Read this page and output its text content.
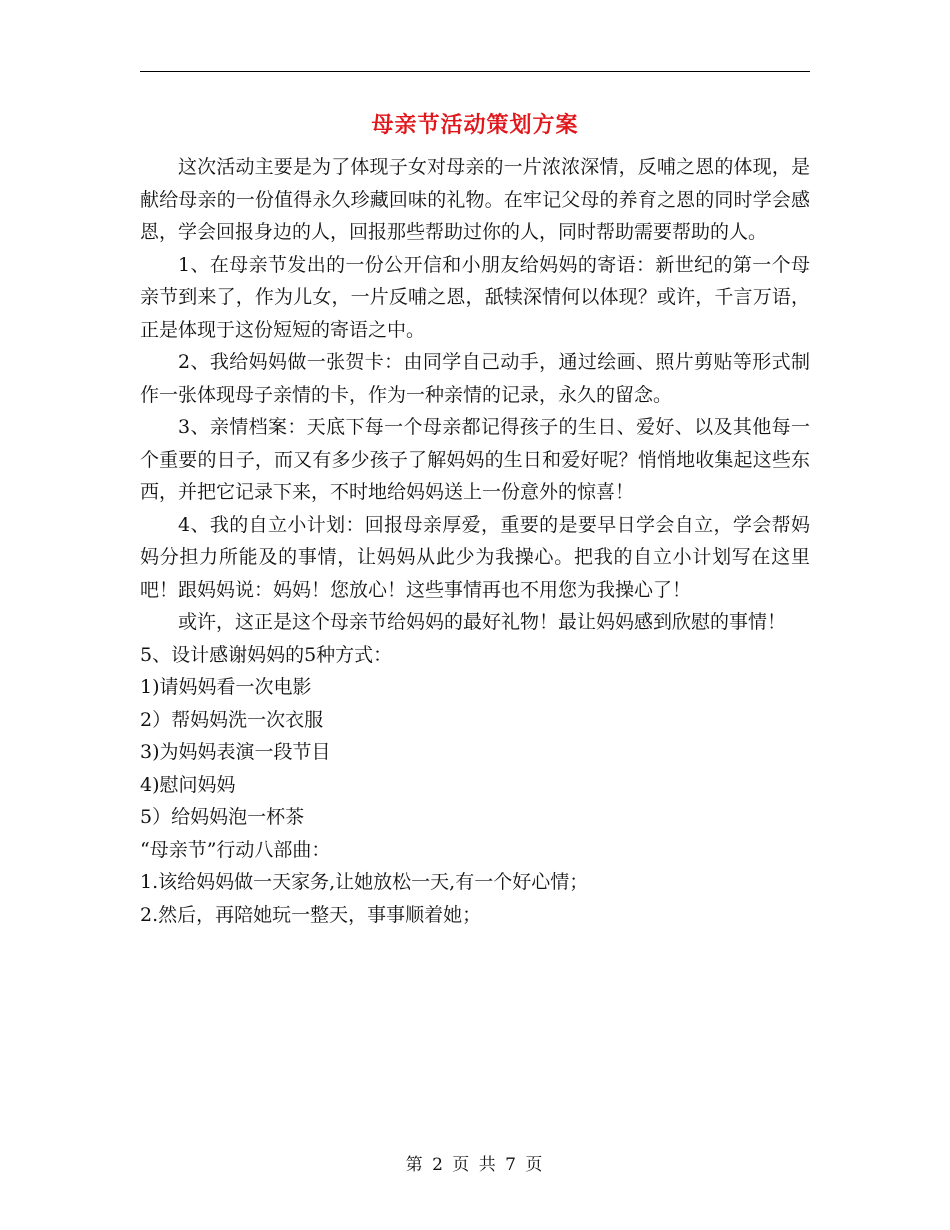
母亲节活动策划方案

这次活动主要是为了体现子女对母亲的一片浓浓深情，反哺之恩的体现，是献给母亲的一份值得永久珍藏回味的礼物。在牢记父母的养育之恩的同时学会感恩，学会回报身边的人，回报那些帮助过你的人，同时帮助需要帮助的人。

1、在母亲节发出的一份公开信和小朋友给妈妈的寄语：新世纪的第一个母亲节到来了，作为儿女，一片反哺之恩，舐犊深情何以体现？或许，千言万语，正是体现于这份短短的寄语之中。

2、我给妈妈做一张贺卡：由同学自己动手，通过绘画、照片剪贴等形式制作一张体现母子亲情的卡，作为一种亲情的记录，永久的留念。

3、亲情档案：天底下每一个母亲都记得孩子的生日、爱好、以及其他每一个重要的日子，而又有多少孩子了解妈妈的生日和爱好呢？悄悄地收集起这些东西，并把它记录下来，不时地给妈妈送上一份意外的惊喜！

4、我的自立小计划：回报母亲厚爱，重要的是要早日学会自立，学会帮妈妈分担力所能及的事情，让妈妈从此少为我操心。把我的自立小计划写在这里吧！跟妈妈说：妈妈！您放心！这些事情再也不用您为我操心了！

或许，这正是这个母亲节给妈妈的最好礼物！最让妈妈感到欣慰的事情！

5、设计感谢妈妈的5种方式：

1)请妈妈看一次电影

2）帮妈妈洗一次衣服

3)为妈妈表演一段节目

4)慰问妈妈

5）给妈妈泡一杯茶

“母亲节”行动八部曲：

1.该给妈妈做一天家务,让她放松一天,有一个好心情；

2.然后，再陪她玩一整天，事事顺着她；

第 2 页 共 7 页
